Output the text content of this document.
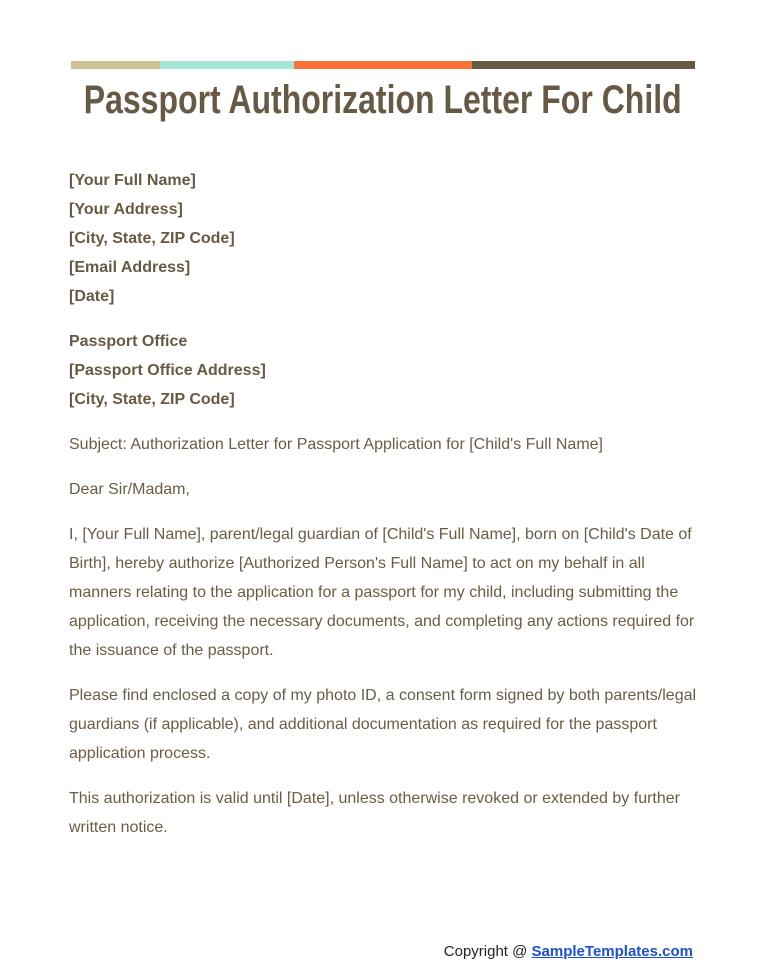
Passport Authorization Letter For Child
[Your Full Name]
[Your Address]
[City, State, ZIP Code]
[Email Address]
[Date]
Passport Office
[Passport Office Address]
[City, State, ZIP Code]

Subject: Authorization Letter for Passport Application for [Child's Full Name]

Dear Sir/Madam,

I, [Your Full Name], parent/legal guardian of [Child's Full Name], born on [Child's Date of Birth], hereby authorize [Authorized Person's Full Name] to act on my behalf in all manners relating to the application for a passport for my child, including submitting the application, receiving the necessary documents, and completing any actions required for the issuance of the passport.

Please find enclosed a copy of my photo ID, a consent form signed by both parents/legal guardians (if applicable), and additional documentation as required for the passport application process.

This authorization is valid until [Date], unless otherwise revoked or extended by further written notice.

Copyright @ SampleTemplates.com
